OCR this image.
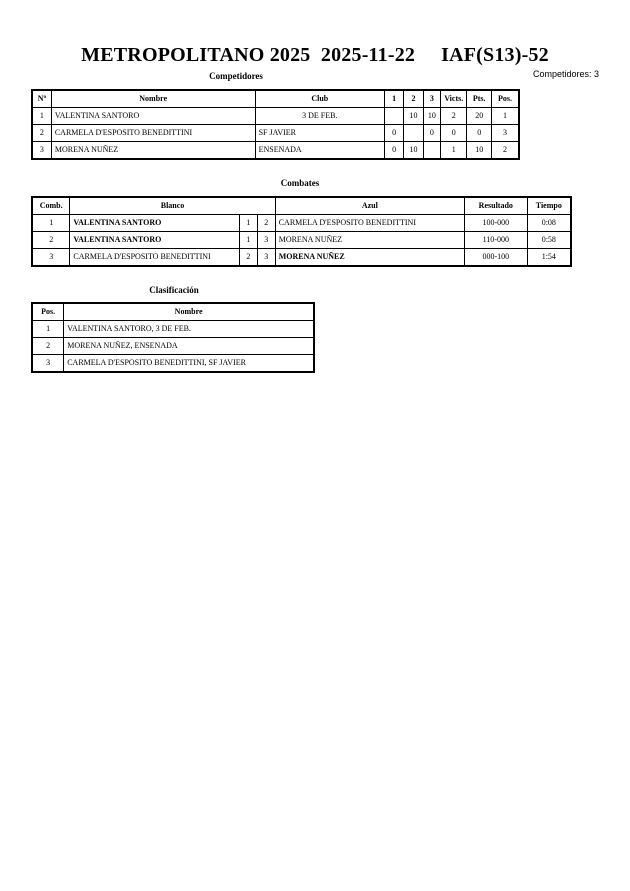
METROPOLITANO 2025  2025-11-22     IAF(S13)-52
Competidores: 3
Competidores
Nº	Nombre	Club	1	2	3	Victs.	Pts.	Pos.
1	VALENTINA SANTORO	3 DE FEB.		10	10	2	20	1
2	CARMELA D'ESPOSITO BENEDITTINI	SF JAVIER	0		0	0	0	3
3	MORENA NUÑEZ	ENSENADA	0	10		1	10	2
Combates
Comb.	Blanco			Azul	Resultado	Tiempo
1	VALENTINA SANTORO	1	2	CARMELA D'ESPOSITO BENEDITTINI	100-000	0:08
2	VALENTINA SANTORO	1	3	MORENA NUÑEZ	110-000	0:58
3	CARMELA D'ESPOSITO BENEDITTINI	2	3	MORENA NUÑEZ	000-100	1:54
Clasificación
Pos.	Nombre
1	VALENTINA SANTORO, 3 DE FEB.
2	MORENA NUÑEZ, ENSENADA
3	CARMELA D'ESPOSITO BENEDITTINI, SF JAVIER
